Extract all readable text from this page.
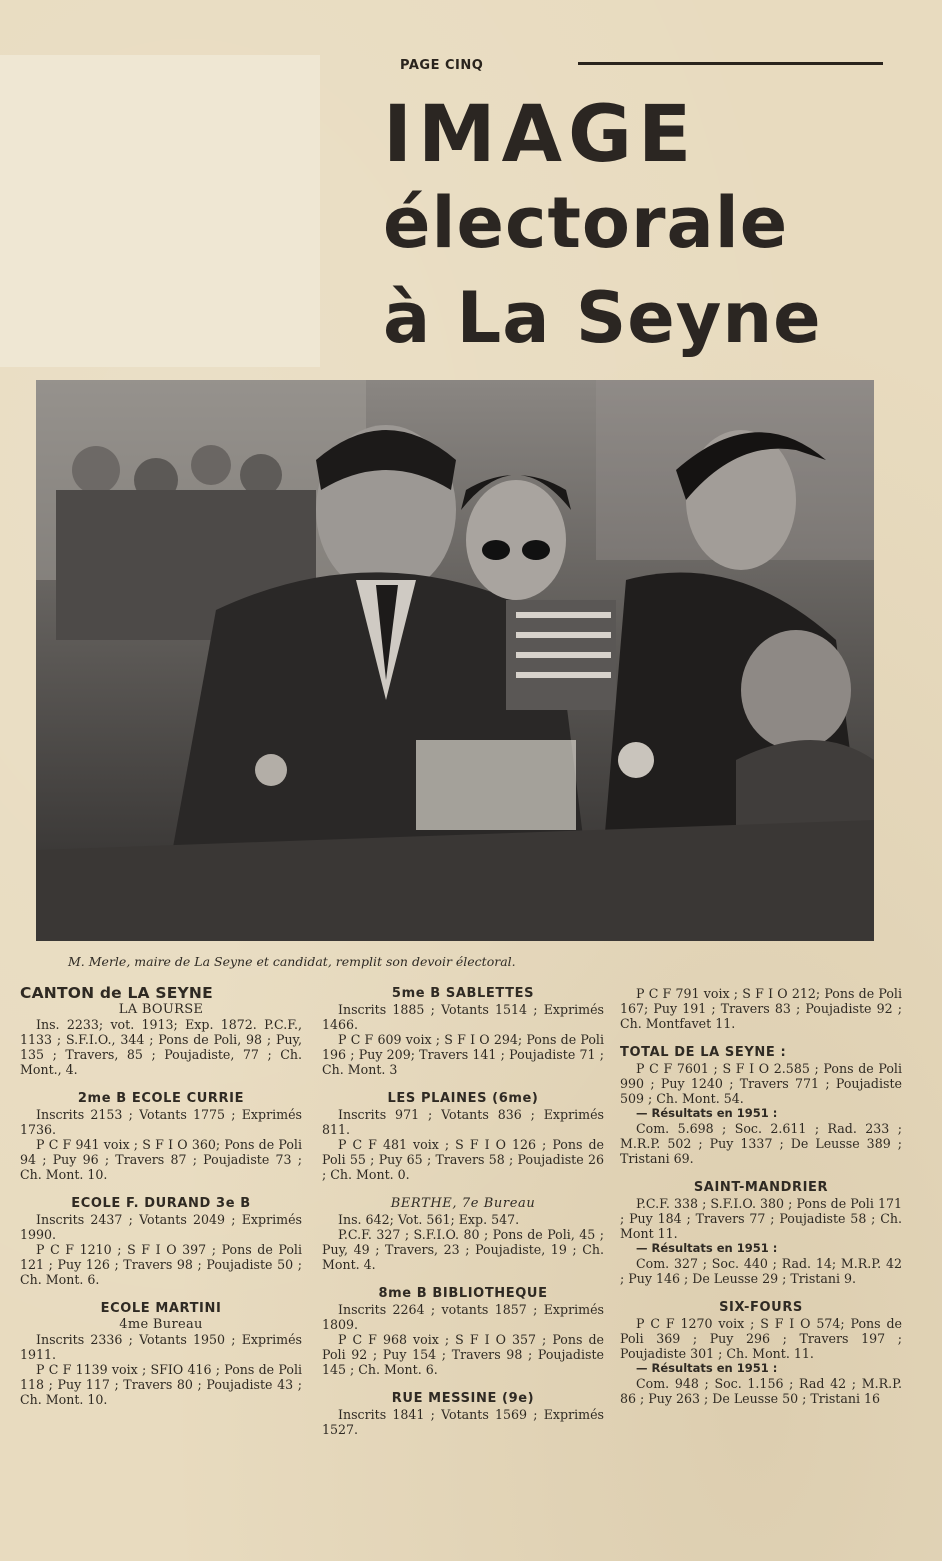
PAGE CINQ
IMAGE
électorale
à La Seyne
M. Merle, maire de La Seyne et candidat, remplit son devoir électoral.
CANTON de LA SEYNE
LA BOURSE

Ins. 2233; vot. 1913; Exp. 1872. P.C.F., 1133 ; S.F.I.O., 344 ; Pons de Poli, 98 ; Puy, 135 ; Travers, 85 ; Poujadiste, 77 ; Ch. Mont., 4.

2me B ECOLE CURRIE

Inscrits 2153 ; Votants 1775 ; Exprimés 1736.

P C F 941 voix ; S F I O 360; Pons de Poli 94 ; Puy 96 ; Travers 87 ; Poujadiste 73 ; Ch. Mont. 10.

ECOLE F. DURAND 3e B

Inscrits 2437 ; Votants 2049 ; Exprimés 1990.

P C F 1210 ; S F I O 397 ; Pons de Poli 121 ; Puy 126 ; Travers 98 ; Poujadiste 50 ; Ch. Mont. 6.

ECOLE MARTINI
4me Bureau

Inscrits 2336 ; Votants 1950 ; Exprimés 1911.

P C F 1139 voix ; SFIO 416 ; Pons de Poli 118 ; Puy 117 ; Travers 80 ; Poujadiste 43 ; Ch. Mont. 10.

5me B SABLETTES

Inscrits 1885 ; Votants 1514 ; Exprimés 1466.

P C F 609 voix ; S F I O 294; Pons de Poli 196 ; Puy 209; Travers 141 ; Poujadiste 71 ; Ch. Mont. 3

LES PLAINES (6me)

Inscrits 971 ; Votants 836 ; Exprimés 811.

P C F 481 voix ; S F I O 126 ; Pons de Poli 55 ; Puy 65 ; Travers 58 ; Poujadiste 26 ; Ch. Mont. 0.

BERTHE, 7e Bureau

Ins. 642; Vot. 561; Exp. 547.

P.C.F. 327 ; S.F.I.O. 80 ; Pons de Poli, 45 ; Puy, 49 ; Travers, 23 ; Poujadiste, 19 ; Ch. Mont. 4.

8me B BIBLIOTHEQUE

Inscrits 2264 ; votants 1857 ; Exprimés 1809.

P C F 968 voix ; S F I O 357 ; Pons de Poli 92 ; Puy 154 ; Travers 98 ; Poujadiste 145 ; Ch. Mont. 6.

RUE MESSINE (9e)

Inscrits 1841 ; Votants 1569 ; Exprimés 1527.

P C F 791 voix ; S F I O 212; Pons de Poli 167; Puy 191 ; Travers 83 ; Poujadiste 92 ; Ch. Montfavet 11.

TOTAL DE LA SEYNE :

P C F 7601 ; S F I O 2.585 ; Pons de Poli 990 ; Puy 1240 ; Travers 771 ; Poujadiste 509 ; Ch. Mont. 54.

— Résultats en 1951 :

Com. 5.698 ; Soc. 2.611 ; Rad. 233 ; M.R.P. 502 ; Puy 1337 ; De Leusse 389 ; Tristani 69.

SAINT-MANDRIER

P.C.F. 338 ; S.F.I.O. 380 ; Pons de Poli 171 ; Puy 184 ; Travers 77 ; Poujadiste 58 ; Ch. Mont 11.

— Résultats en 1951 :

Com. 327 ; Soc. 440 ; Rad. 14; M.R.P. 42 ; Puy 146 ; De Leusse 29 ; Tristani 9.

SIX-FOURS

P C F 1270 voix ; S F I O 574; Pons de Poli 369 ; Puy 296 ; Travers 197 ; Poujadiste 301 ; Ch. Mont. 11.

— Résultats en 1951 :

Com. 948 ; Soc. 1.156 ; Rad 42 ; M.R.P. 86 ; Puy 263 ; De Leusse 50 ; Tristani 16
